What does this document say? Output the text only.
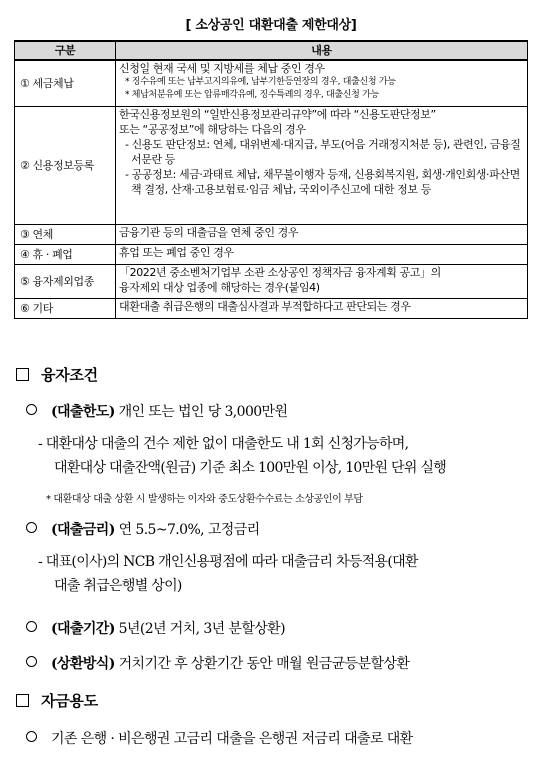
[ 소상공인 대환대출 제한대상]
구분	내용
① 세금체납	신청일 현재 국세 및 지방세를 체납 중인 경우
* 징수유예 또는 납부고지의유예, 납부기한등연장의 경우, 대출신청 가능
* 체납처분유예 또는 압류매각유예, 징수특례의 경우, 대출신청 가능

② 신용정보등록	한국신용정보원의 “일반신용정보관리규약”에 따라 “신용도판단정보”
또는 “공공정보”에 해당하는 다음의 경우
- 신용도 판단정보: 연체, 대위변제·대지급, 부도(어음 거래정지처분 등), 관련인, 금융질서문란 등
- 공공정보: 세금·과태료 체납, 채무불이행자 등재, 신용회복지원, 회생·개인회생·파산면책 결정, 산재·고용보험료·임금 체납, 국외이주신고에 대한 정보 등

③ 연체	금융기관 등의 대출금을 연체 중인 경우
④ 휴 · 폐업	휴업 또는 폐업 중인 경우
⑤ 융자제외업종	「2022년 중소벤처기업부 소관 소상공인 정책자금 융자계획 공고」의
융자제외 대상 업종에 해당하는 경우(붙임4)

⑥ 기타	대환대출 취급은행의 대출심사결과 부적합하다고 판단되는 경우
융자조건
(대출한도) 개인 또는 법인 당 3,000만원
- 대환대상 대출의 건수 제한 없이 대출한도 내 1회 신청가능하며,
대환대상 대출잔액(원금) 기준 최소 100만원 이상, 10만원 단위 실행
* 대환대상 대출 상환 시 발생하는 이자와 중도상환수수료는 소상공인이 부담
(대출금리) 연 5.5~7.0%, 고정금리
- 대표(이사)의 NCB 개인신용평점에 따라 대출금리 차등적용(대환
대출 취급은행별 상이)
(대출기간) 5년(2년 거치, 3년 분할상환)
(상환방식) 거치기간 후 상환기간 동안 매월 원금균등분할상환
자금용도
기존 은행 · 비은행권 고금리 대출을 은행권 저금리 대출로 대환
